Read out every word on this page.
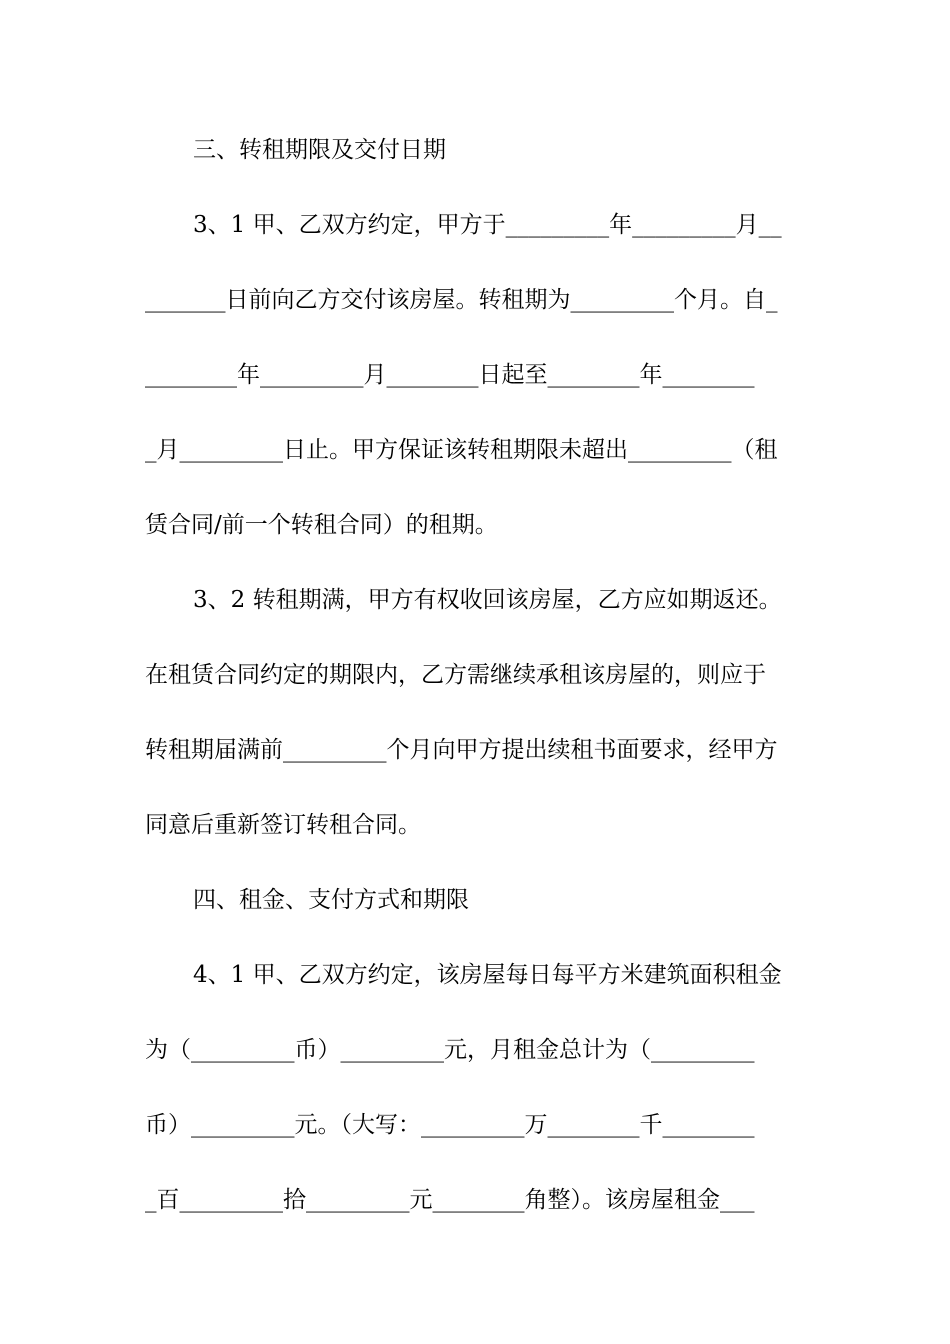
三、转租期限及交付日期
3、1 甲、乙双方约定，甲方于_________年_________月__
_______日前向乙方交付该房屋。转租期为_________个月。自_
________年_________月________日起至________年________
_月_________日止。甲方保证该转租期限未超出_________（租
赁合同/前一个转租合同）的租期。
3、2 转租期满，甲方有权收回该房屋，乙方应如期返还。
在租赁合同约定的期限内，乙方需继续承租该房屋的，则应于
转租期届满前_________个月向甲方提出续租书面要求，经甲方
同意后重新签订转租合同。
四、租金、支付方式和期限
4、1 甲、乙双方约定，该房屋每日每平方米建筑面积租金
为（_________币）_________元，月租金总计为（_________
币）_________元。（大写：_________万________千________
_百_________拾_________元________角整）。该房屋租金___
